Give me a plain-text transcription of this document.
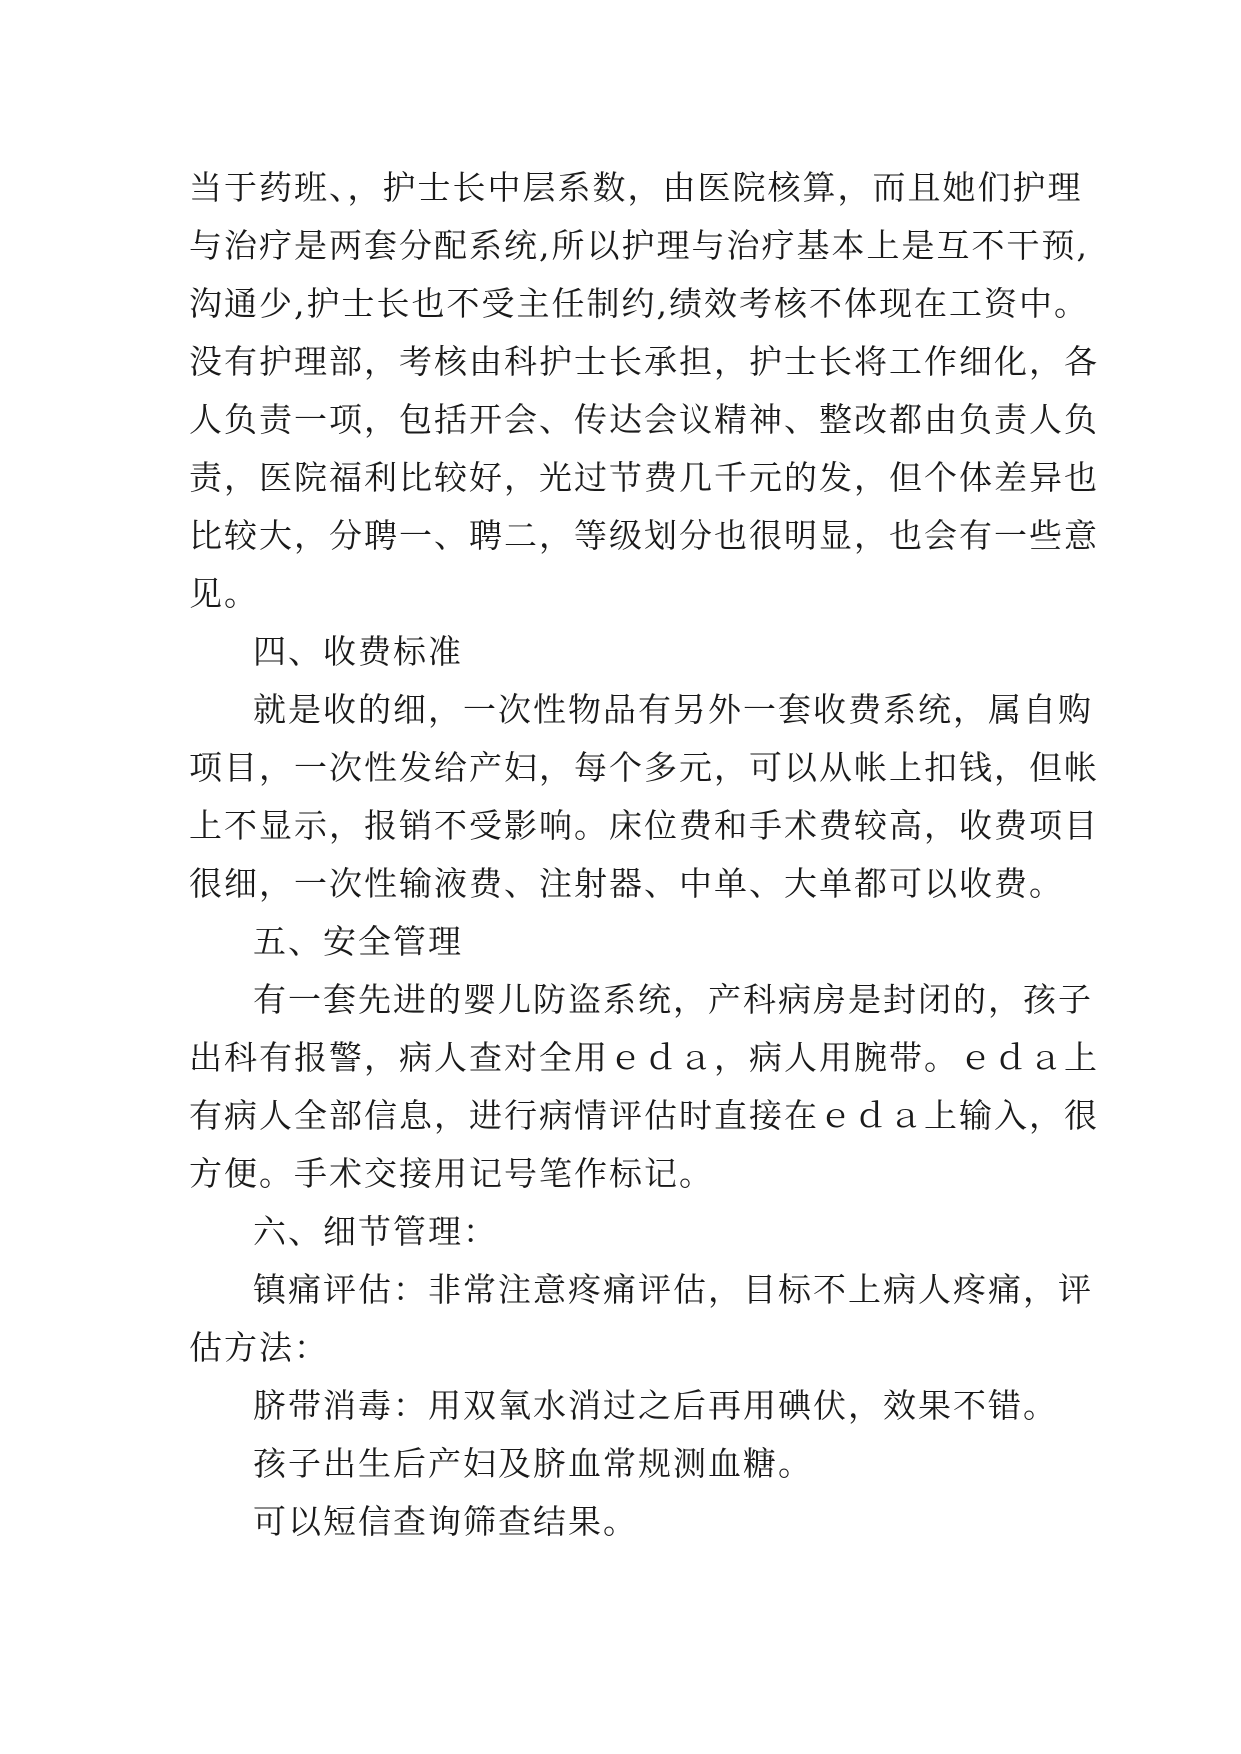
当于药班、，护士长中层系数，由医院核算，而且她们护理
与治疗是两套分配系统,所以护理与治疗基本上是互不干预,
沟通少,护士长也不受主任制约,绩效考核不体现在工资中。
没有护理部，考核由科护士长承担，护士长将工作细化，各
人负责一项，包括开会、传达会议精神、整改都由负责人负
责，医院福利比较好，光过节费几千元的发，但个体差异也
比较大，分聘一、聘二，等级划分也很明显，也会有一些意
见。
四、收费标准
就是收的细，一次性物品有另外一套收费系统，属自购
项目，一次性发给产妇，每个多元，可以从帐上扣钱，但帐
上不显示，报销不受影响。床位费和手术费较高，收费项目
很细，一次性输液费、注射器、中单、大单都可以收费。
五、安全管理
有一套先进的婴儿防盗系统，产科病房是封闭的，孩子
出科有报警，病人查对全用ｅｄａ，病人用腕带。ｅｄａ上
有病人全部信息，进行病情评估时直接在ｅｄａ上输入，很
方便。手术交接用记号笔作标记。
六、细节管理：
镇痛评估：非常注意疼痛评估，目标不上病人疼痛，评
估方法：
脐带消毒：用双氧水消过之后再用碘伏，效果不错。
孩子出生后产妇及脐血常规测血糖。
可以短信查询筛查结果。
